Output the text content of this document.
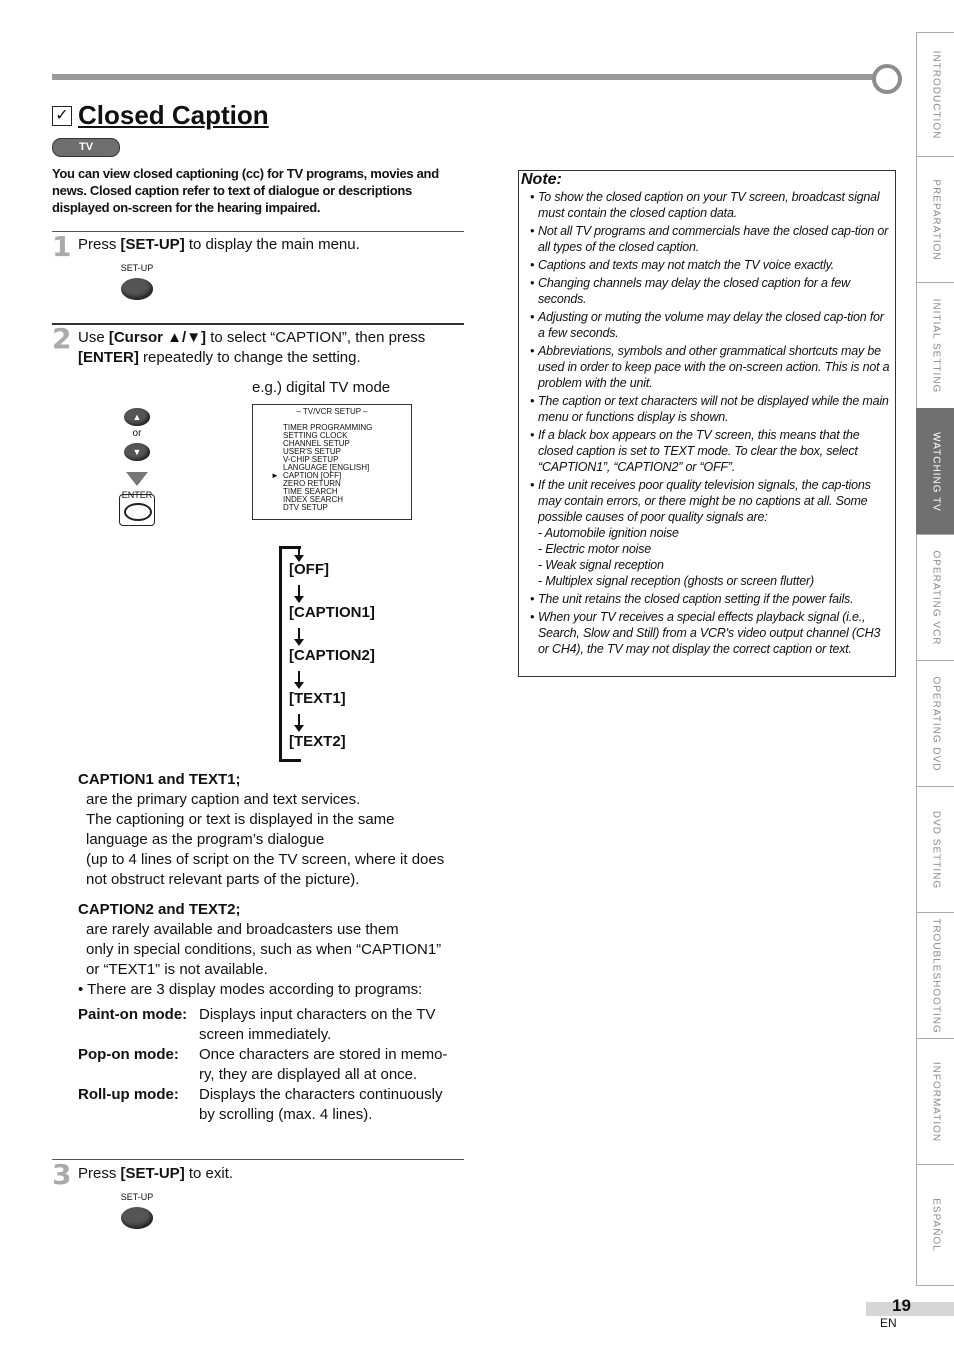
✓ Closed Caption
TV
You can view closed captioning (cc) for TV programs, movies and news. Closed caption refer to text of dialogue or descriptions displayed on-screen for the hearing impaired.
1 Press [SET-UP] to display the main menu.
SET-UP
2 Use [Cursor ▲/▼] to select “CAPTION”, then press
[ENTER] repeatedly to change the setting.
e.g.) digital TV mode
▲
or
▼
ENTER
– TV/VCR SETUP –
TIMER PROGRAMMING
SETTING CLOCK
CHANNEL SETUP
USER'S SETUP
V-CHIP SETUP
LANGUAGE [ENGLISH]
► CAPTION [OFF]
ZERO RETURN
TIME SEARCH
INDEX SEARCH
DTV SETUP
[OFF]
[CAPTION1]
[CAPTION2]
[TEXT1]
[TEXT2]
CAPTION1 and TEXT1;
are the primary caption and text services.
The captioning or text is displayed in the same
language as the program’s dialogue
(up to 4 lines of script on the TV screen, where it does
not obstruct relevant parts of the picture).
CAPTION2 and TEXT2;
are rarely available and broadcasters use them
only in special conditions, such as when “CAPTION1”
or “TEXT1” is not available.
• There are 3 display modes according to programs:
Paint-on mode: Displays input characters on the TV
screen immediately.
Pop-on mode:	Once characters are stored in memo-
ry, they are displayed all at once.
Roll-up mode:	Displays the characters continuously
by scrolling (max. 4 lines).
3 Press [SET-UP] to exit.
SET-UP
Note:
• To show the closed caption on your TV screen, broadcast signal must contain the closed caption data.
• Not all TV programs and commercials have the closed cap-tion or all types of the closed caption.
• Captions and texts may not match the TV voice exactly.
• Changing channels may delay the closed caption for a few seconds.
• Adjusting or muting the volume may delay the closed cap-tion for a few seconds.
• Abbreviations, symbols and other grammatical shortcuts may be used in order to keep pace with the on-screen action. This is not a problem with the unit.
• The caption or text characters will not be displayed while the main menu or functions display is shown.
• If a black box appears on the TV screen, this means that the closed caption is set to TEXT mode. To clear the box, select “CAPTION1”, “CAPTION2” or “OFF”.
• If the unit receives poor quality television signals, the cap-tions may contain errors, or there might be no captions at all. Some possible causes of poor quality signals are:
- Automobile ignition noise
- Electric motor noise
- Weak signal reception
- Multiplex signal reception (ghosts or screen flutter)
• The unit retains the closed caption setting if the power fails.
• When your TV receives a special effects playback signal (i.e., Search, Slow and Still) from a VCR's video output channel (CH3 or CH4), the TV may not display the correct caption or text.
INTRODUCTION
PREPARATION
INITIAL SETTING
WATCHING TV
OPERATING VCR
OPERATING DVD
DVD SETTING
TROUBLESHOOTING
INFORMATION
ESPAÑOL
19
EN
